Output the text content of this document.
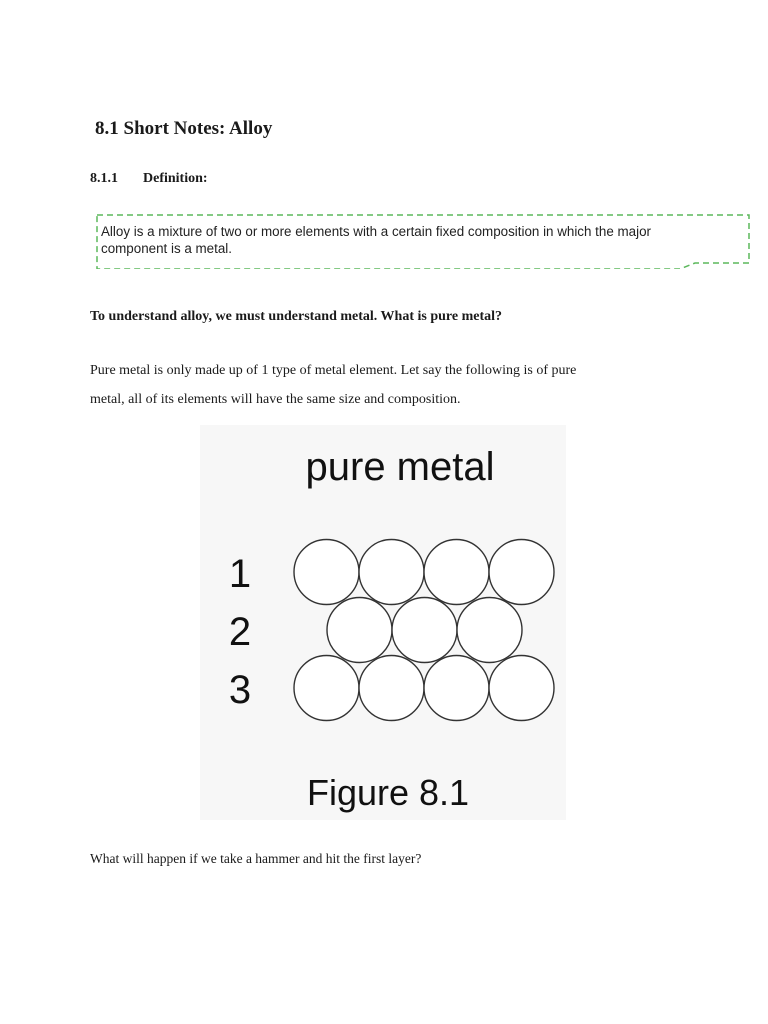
8.1 Short Notes: Alloy
8.1.1 Definition:
Alloy is a mixture of two or more elements with a certain fixed composition in which the major
component is a metal.

To understand alloy, we must understand metal. What is pure metal?

Pure metal is only made up of 1 type of metal element. Let say the following is of pure
metal, all of its elements will have the same size and composition.
pure metal
1
2
3
Figure 8.1

What will happen if we take a hammer and hit the first layer?
